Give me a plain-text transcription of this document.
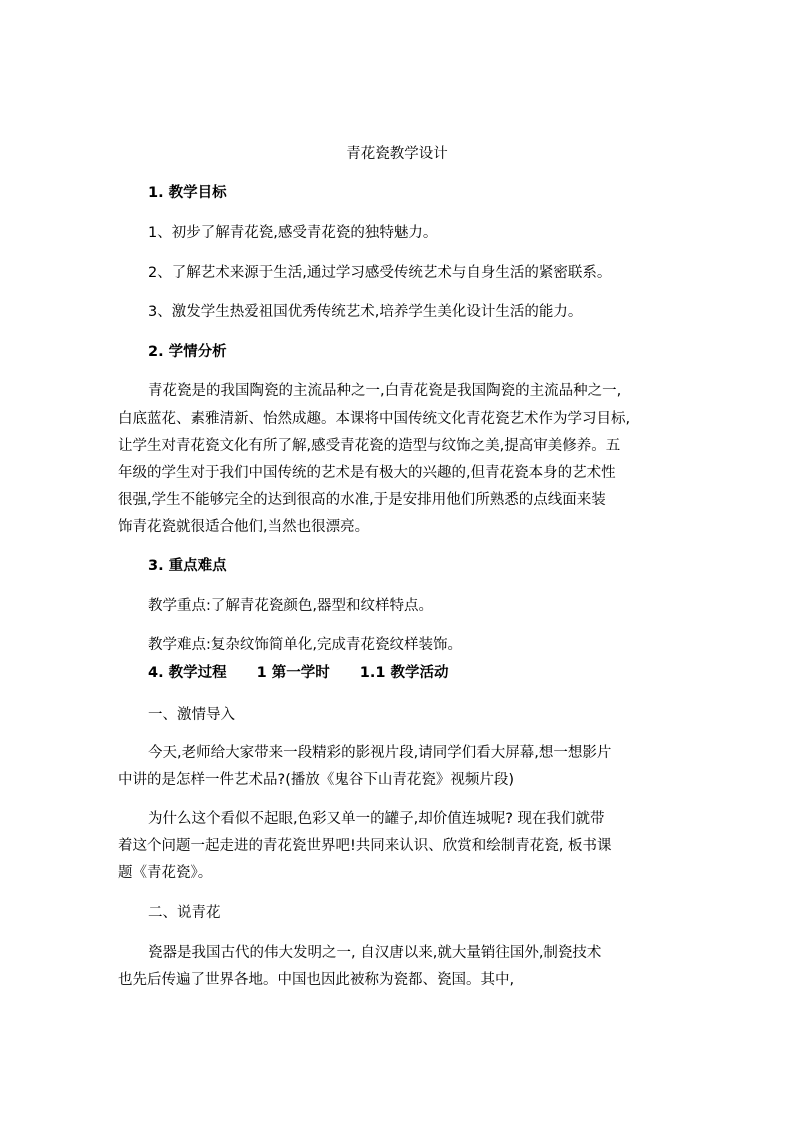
青花瓷教学设计
1. 教学目标
1、初步了解青花瓷,感受青花瓷的独特魅力。
2、了解艺术来源于生活,通过学习感受传统艺术与自身生活的紧密联系。
3、激发学生热爱祖国优秀传统艺术,培养学生美化设计生活的能力。
2. 学情分析
青花瓷是的我国陶瓷的主流品种之一,白青花瓷是我国陶瓷的主流品种之一,
白底蓝花、素雅清新、怡然成趣。本课将中国传统文化青花瓷艺术作为学习目标,
让学生对青花瓷文化有所了解,感受青花瓷的造型与纹饰之美,提高审美修养。五
年级的学生对于我们中国传统的艺术是有极大的兴趣的,但青花瓷本身的艺术性
很强,学生不能够完全的达到很高的水准,于是安排用他们所熟悉的点线面来装
饰青花瓷就很适合他们,当然也很漂亮。
3. 重点难点
教学重点:了解青花瓷颜色,器型和纹样特点。
教学难点:复杂纹饰简单化,完成青花瓷纹样装饰。
4. 教学过程 1 第一学时 1.1 教学活动
一、激情导入
今天,老师给大家带来一段精彩的影视片段,请同学们看大屏幕,想一想影片
中讲的是怎样一件艺术品?(播放《鬼谷下山青花瓷》视频片段)
为什么这个看似不起眼,色彩又单一的罐子,却价值连城呢? 现在我们就带
着这个问题一起走进的青花瓷世界吧!共同来认识、欣赏和绘制青花瓷, 板书课
题《青花瓷》。
二、说青花
瓷器是我国古代的伟大发明之一, 自汉唐以来,就大量销往国外,制瓷技术
也先后传遍了世界各地。中国也因此被称为瓷都、瓷国。其中,
